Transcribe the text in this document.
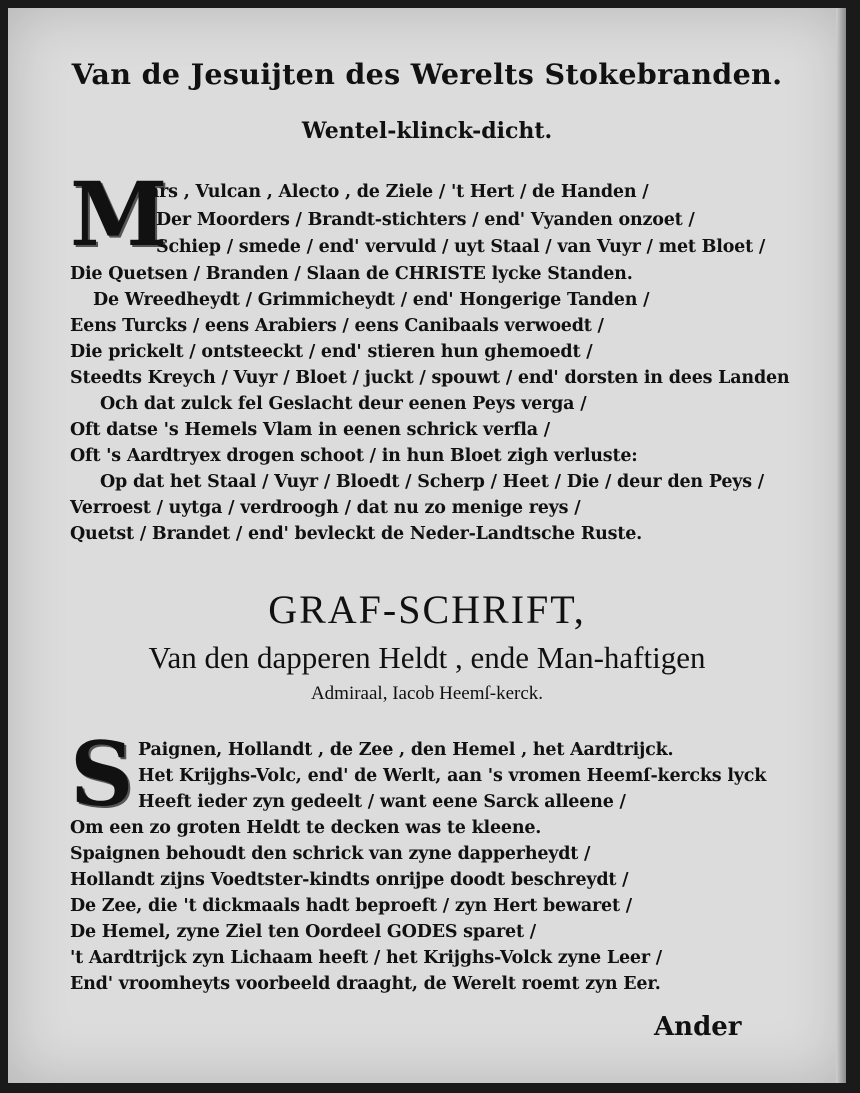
Van de Jesuijten des Werelts Stokebranden.
Wentel-klinck-dicht.
M
ars , Vulcan , Alecto , de Ziele / 't Hert / de Handen /
Der Moorders / Brandt-stichters / end' Vyanden onzoet /
Schiep / smede / end' vervuld / uyt Staal / van Vuyr / met Bloet /
Die Quetsen / Branden / Slaan de CHRISTE lycke Standen.
De Wreedheydt / Grimmicheydt / end' Hongerige Tanden /
Eens Turcks / eens Arabiers / eens Canibaals verwoedt /
Die prickelt / ontsteeckt / end' stieren hun ghemoedt /
Steedts Kreych / Vuyr / Bloet / juckt / spouwt / end' dorsten in dees Landen
Och dat zulck fel Geslacht deur eenen Peys verga /
Oft datse 's Hemels Vlam in eenen schrick verfla /
Oft 's Aardtryex drogen schoot / in hun Bloet zigh verluste:
Op dat het Staal / Vuyr / Bloedt / Scherp / Heet / Die / deur den Peys /
Verroest / uytga / verdroogh / dat nu zo menige reys /
Quetst / Brandet / end' bevleckt de Neder-Landtsche Ruste.
GRAF-SCHRIFT,
Van den dapperen Heldt , ende Man-haftigen
Admiraal, Iacob Heemſ-kerck.
S Paignen, Hollandt , de Zee , den Hemel , het Aardtrijck.
Het Krijghs-Volc, end' de Werlt, aan 's vromen Heemſ-kercks lyck
Heeft ieder zyn gedeelt / want eene Sarck alleene /
Om een zo groten Heldt te decken was te kleene.
Spaignen behoudt den schrick van zyne dapperheydt /
Hollandt zijns Voedtster-kindts onrijpe doodt beschreydt /
De Zee, die 't dickmaals hadt beproeft / zyn Hert bewaret /
De Hemel, zyne Ziel ten Oordeel GODES sparet /
't Aardtrijck zyn Lichaam heeft / het Krijghs-Volck zyne Leer /
End' vroomheyts voorbeeld draaght, de Werelt roemt zyn Eer.
Ander
